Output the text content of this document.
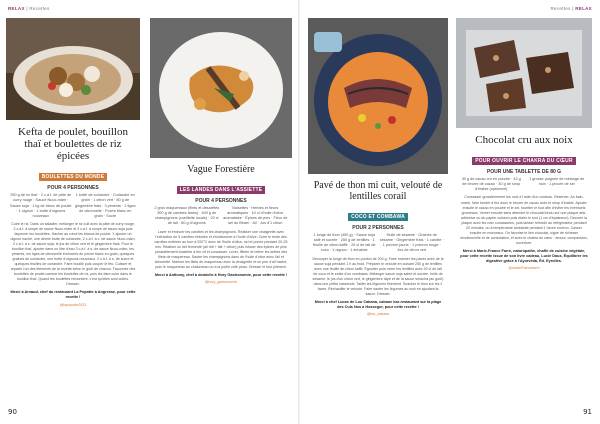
RELAX | Recettes
Kefta de poulet, bouillon thaï et boulettes de riz épicées
BOULETTES DU MONDE
POUR 4 PERSONNES
250 g de riz thaï · 2 c.à.f. de pâte de curry rouge · Sauce Nuoc-mâm · Sauce soja · 1 kg de blanc de poulet · 1 oignon · 1 botte d'oignons nouveaux
1 botte de coriandre · Coriandre en grain · 1 citron vert · 50 g de gingembre frais · 3 piments · 2 tiges de citronnelle · Poivre blanc en grain · Sucre
Cuire le riz. Dans un saladier, mélanger le riz cuit avec la pâte de curry rouge, 2 c.à.f. à soupe de sauce Nuoc-mâm et 2 c.à.f. à soupe de sauce soja puis façonner les boulettes. Hacher au robot les blancs de poulet. Y ajouter un oignon haché, une demie botte de coriandre, 2 c.à.f. à c. de sauce Nuoc-mâm, 2 c.à.f. à c. de sauce soja, le jus de citron vert et le gingembre frais. Pour le bouillon thaï, ajouter dans un litre d'eau 3 c.à.f. à s. de sauce Nuoc-mâm, les piments, les tiges de citronnelle émincées du poivre blanc en grain, quelques graines de coriandre, une botte d'oignons nouveaux, 2 c.à.f. à s. de sucre et quelques feuilles de coriandre. Faire bouillir puis couper le feu. Cuisser et répartir l'un des éléments de la recette selon le goût de chacun. Façonnez des boulettes de poulet comme les boulettes de riz, puis les faire cuire dans le bouillon thaï. Quand les boulettes remontent, c'est qu'elles sont cuites. Dresser.
Merci à Arnaud, chef du restaurant La Popotte à Angresse, pour cette recette !
@lapopotte2023
Vague Forestière
LES LANDES DANS L'ASSIETTE
POUR 4 PERSONNES
2 gros maquereaux (filets et désarêtés 300 g de carottes fanes) · 400 g de champignons (cueillette locale) · 20 cl de lait · 80 g d'oignons
Noisettes · Herbes et fleurs aromatiques · 10 cl d'huile d'olive aromatisée · Épines de pins · Fleur de sel du Béarn · Ail · Jus d'1 citron
Laver et émincer les carottes et les champignons. Réaliser une vinaigrette avec l'extraction de 5 carottes réduites et émulsionner à l'huile d'olive. Cuire le reste des carottes entières au four à 200°C avec de l'huile d'olive, sel et poivre pendant 20-25 min. Réaliser un lait fermenté (ail rôti + lait + citron) puis infuser des épines de pins préalablement toastées à feu vif et concasser. Lever, filleter et retirer les arêtes des filets de maquereau. Sauter les champignons dans de l'huile d'olive avec l'ail et ciboulette. Mariner les filets de maquereau avec la vinaigrette et un peu d'ail haché, puis le maquereau au chalumeau ou à la poêle côté peau. Dresser le tout joliment.
Merci à Anthony, chef à domicile à Hory Gastronomie, pour cette recette !
@hory_gastronomie
90
Recettes | RELAX
Pavé de thon mi cuit, velouté de lentilles corail
COCO ET COMBAWA
POUR 2 PERSONNES
1 longe de thon (450 g) · Sauce soja salé et sucrée · 250 g de lentilles · 1 feuille de citron kaffir · 20 cl de lait de coco · 1 oignon · 1 échalote
Huile de sésame · Graines de sésame · Gingembre frais · 1 carotte · 1 poivron jaune · 1 poivron rouge · Jus de citron vert
Découper la longe de thon en portion de 200 g. Faire mariner les pavés avec de la sauce soja pendant 1 h au froid. Préparer le velouté en cuisant 250 g de lentilles avec une feuille de citron kaffir. Égoutter puis mixer les lentilles avec 20 cl de lait de coco et le zeste d'un combawa. Mélanger sauce soja salée et sucrée, huile de sésame, le jus d'un citron vert, le gingembre râpé et de la sauce sriracha (au goût) dans une petite casserole. Tailler les légumes finement. Snacker le thon sur les 2 faces. Réchauffer le velouté. Faire sauter les légumes au wok en ajoutant la sauce. Dresser.
Merci à chef Lucas de Lou Cabana, cabane bar-restaurant sur la plage des Culs Nus à Hossegor, pour cette recette !
@lou_cabana
Chocolat cru aux noix
POUR OUVRIR LE CHAKRA DU CŒUR
POUR UNE TABLETTE DE 80 G
30 g de cacao cru en poudre · 42 g de beurre de cacao · 30 g de sirop d'érable (optionnel)
1 grosse poignée de mélange de noix · 1 pincée de sel
Concasser grossièrement les noix à l'aide d'un couteau. Réserver. Au bain-marie, faire fondre à feu doux le beurre de cacao avec le sirop d'érable. Ajouter ensuite le cacao en poudre et le sel, fouetter le tout afin d'éviter les éventuels grumeaux. Verser ensuite sans attendre le chocolat fondu sur une plaque anti-adhésive ou du papier cuisson puis étaler le tout (1 cm d'épaisseur). Décorer la plaque avec les noix concassées, puis laisser refroidir au réfrigérateur pendant 20 minutes, ou à température ambiante pendant 1 heure environ. Casser ensuite en morceaux. On favorise le lien chocolat, signe de richesse émotionnelle et de consolation, et avec le chakra du cœur : amour, compassion, ouverture.
Merci à Marie-France Farré, naturopathe, chaffe de cuisine végétale, pour cette recette issue de son livre cadeau, Lucie Daux, Équilibrer les digestive grâce à l'Ayurvéda, Éd. Eyrolles.
@marieFrancefarre
91
